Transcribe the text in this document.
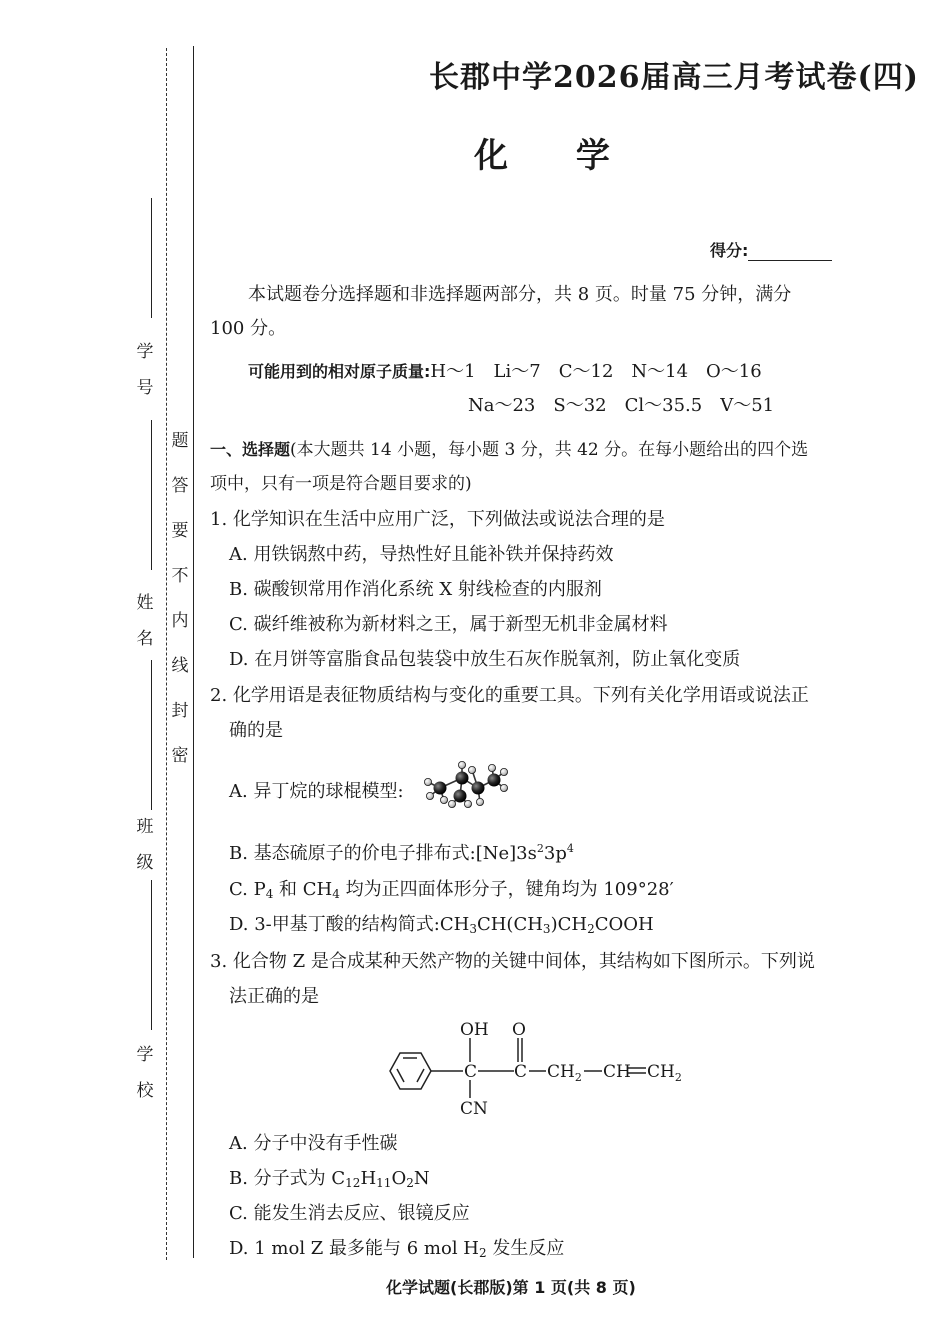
题
答
要
不
内
线
封
密
学
号
姓
名
班
级
学
校
长郡中学2026届高三月考试卷(四)
化 学
得分:
本试题卷分选择题和非选择题两部分，共 8 页。时量 75 分钟，满分
100 分。
可能用到的相对原子质量:H～1　Li～7　C～12　N～14　O～16
Na～23　S～32　Cl～35.5　V～51
一、选择题(本大题共 14 小题，每小题 3 分，共 42 分。在每小题给出的四个选
项中，只有一项是符合题目要求的)
1. 化学知识在生活中应用广泛，下列做法或说法合理的是
A. 用铁锅熬中药，导热性好且能补铁并保持药效
B. 碳酸钡常用作消化系统 X 射线检查的内服剂
C. 碳纤维被称为新材料之王，属于新型无机非金属材料
D. 在月饼等富脂食品包装袋中放生石灰作脱氧剂，防止氧化变质
2. 化学用语是表征物质结构与变化的重要工具。下列有关化学用语或说法正
确的是
A. 异丁烷的球棍模型:
B. 基态硫原子的价电子排布式$:[Ne]3s^23p^4$
C. $P_4$ 和 $CH_4$ 均为正四面体形分子，键角均为 109°28′
D. 3-甲基丁酸的结构简式$:CH_3CH(CH_3)CH_2COOH$
3. 化合物 Z 是合成某种天然产物的关键中间体，其结构如下图所示。下列说
法正确的是
OH O
C C $CH_2$ CH $CH_2$
CN
A. 分子中没有手性碳
B. 分子式为 $C_{12}H_{11}O_2N$
C. 能发生消去反应、银镜反应
D. 1 mol Z 最多能与 6 mol $H_2$ 发生反应
化学试题(长郡版)第 1 页(共 8 页)
